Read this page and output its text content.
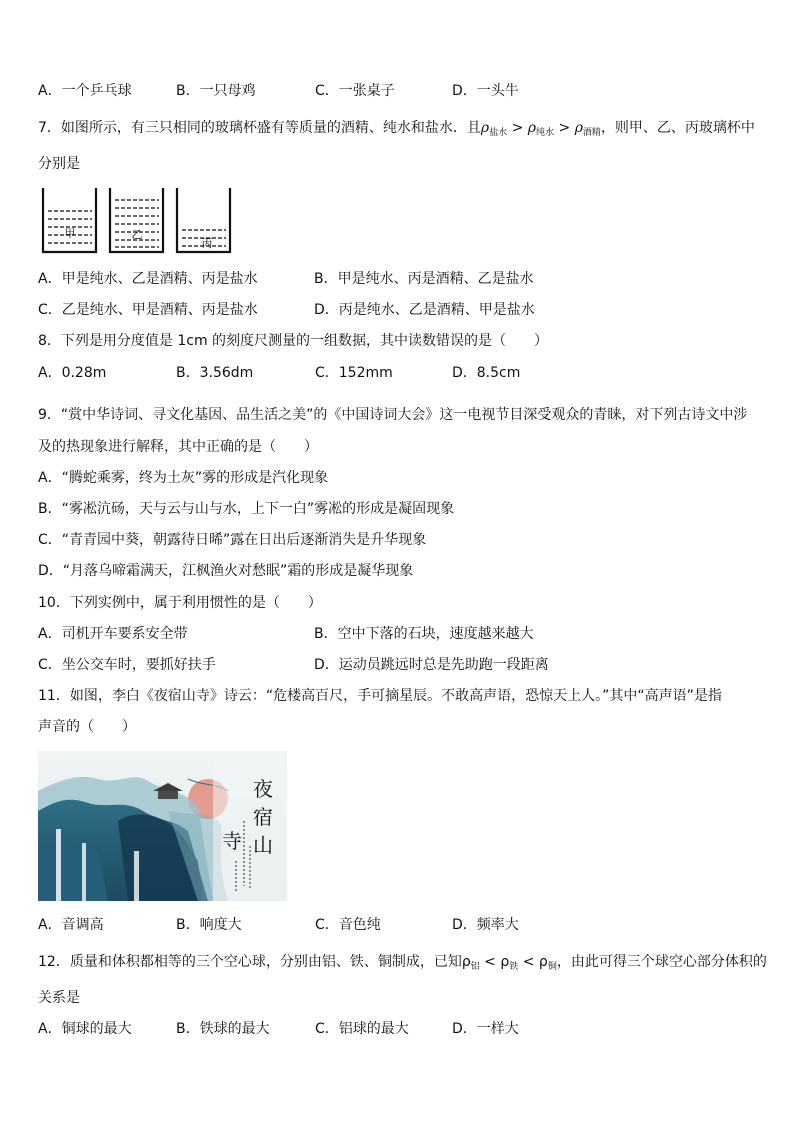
A．一个乒乓球	B．一只母鸡	C．一张桌子	D．一头牛
7．如图所示，有三只相同的玻璃杯盛有等质量的酒精、纯水和盐水．且$\rho_{盐水} > \rho_{纯水} > \rho_{酒精}$，则甲、乙、丙玻璃杯中
分别是
甲	乙
丙
A．甲是纯水、乙是酒精、丙是盐水	B．甲是纯水、丙是酒精、乙是盐水
C．乙是纯水、甲是酒精、丙是盐水	D．丙是纯水、乙是酒精、甲是盐水
8．下列是用分度值是 1cm 的刻度尺测量的一组数据，其中读数错误的是（　　）
A．0.28m	B．3.56dm	C．152mm	D．8.5cm
9．“赏中华诗词、寻文化基因、品生活之美”的《中国诗词大会》这一电视节目深受观众的青睐，对下列古诗文中涉
及的热现象进行解释，其中正确的是（　　）
A．“腾蛇乘雾，终为土灰”雾的形成是汽化现象
B．“雾凇沆砀，天与云与山与水，上下一白”雾凇的形成是凝固现象
C．“青青园中葵，朝露待日晞”露在日出后逐渐消失是升华现象
D．“月落乌啼霜满天，江枫渔火对愁眠”霜的形成是凝华现象
10．下列实例中，属于利用惯性的是（　　）
A．司机开车要系安全带	B．空中下落的石块，速度越来越大
C．坐公交车时，要抓好扶手	D．运动员跳远时总是先助跑一段距离
11．如图，李白《夜宿山寺》诗云：“危楼高百尺，手可摘星辰。不敢高声语，恐惊天上人。”其中“高声语”是指
声音的（　　）
夜
宿
山
寺
A．音调高	B．响度大	C．音色纯	D．频率大
12．质量和体积都相等的三个空心球，分别由铝、铁、铜制成，已知$\rho_铝 < \rho_铁 < \rho_铜$，由此可得三个球空心部分体积的
关系是
A．铜球的最大	B．铁球的最大	C．铝球的最大	D．一样大
